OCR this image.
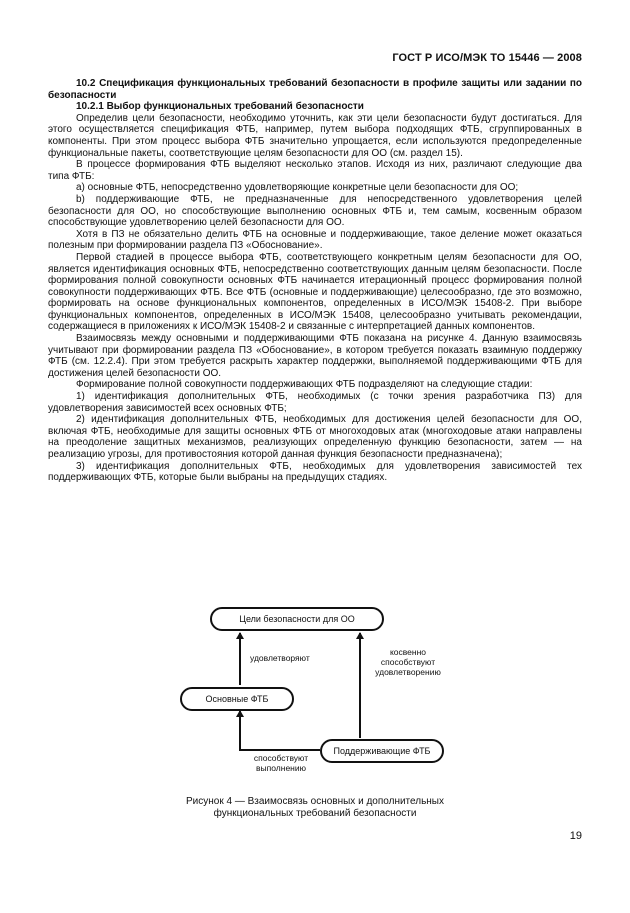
ГОСТ Р ИСО/МЭК ТО 15446 — 2008

10.2 Спецификация функциональных требований безопасности в профиле защиты или задании по безопасности

10.2.1 Выбор функциональных требований безопасности

Определив цели безопасности, необходимо уточнить, как эти цели безопасности будут достигаться. Для этого осуществляется спецификация ФТБ, например, путем выбора подходящих ФТБ, сгруппированных в компоненты. При этом процесс выбора ФТБ значительно упрощается, если используются предопределенные функциональные пакеты, соответствующие целям безопасности для ОО (см. раздел 15).

В процессе формирования ФТБ выделяют несколько этапов. Исходя из них, различают следующие два типа ФТБ:

а) основные ФТБ, непосредственно удовлетворяющие конкретные цели безопасности для ОО;

b) поддерживающие ФТБ, не предназначенные для непосредственного удовлетворения целей безопасности для ОО, но способствующие выполнению основных ФТБ и, тем самым, косвенным образом способствующие удовлетворению целей безопасности для ОО.

Хотя в ПЗ не обязательно делить ФТБ на основные и поддерживающие, такое деление может оказаться полезным при формировании раздела ПЗ «Обоснование».

Первой стадией в процессе выбора ФТБ, соответствующего конкретным целям безопасности для ОО, является идентификация основных ФТБ, непосредственно соответствующих данным целям безопасности. После формирования полной совокупности основных ФТБ начинается итерационный процесс формирования полной совокупности поддерживающих ФТБ. Все ФТБ (основные и поддерживающие) целесообразно, где это возможно, формировать на основе функциональных компонентов, определенных в ИСО/МЭК 15408-2. При выборе функциональных компонентов, определенных в ИСО/МЭК 15408, целесообразно учитывать рекомендации, содержащиеся в приложениях к ИСО/МЭК 15408-2 и связанные с интерпретацией данных компонентов.

Взаимосвязь между основными и поддерживающими ФТБ показана на рисунке 4. Данную взаимосвязь учитывают при формировании раздела ПЗ «Обоснование», в котором требуется показать взаимную поддержку ФТБ (см. 12.2.4). При этом требуется раскрыть характер поддержки, выполняемой поддерживающими ФТБ для достижения целей безопасности ОО.

Формирование полной совокупности поддерживающих ФТБ подразделяют на следующие стадии:

1) идентификация дополнительных ФТБ, необходимых (с точки зрения разработчика ПЗ) для удовлетворения зависимостей всех основных ФТБ;

2) идентификация дополнительных ФТБ, необходимых для достижения целей безопасности для ОО, включая ФТБ, необходимые для защиты основных ФТБ от многоходовых атак (многоходовые атаки направлены на преодоление защитных механизмов, реализующих определенную функцию безопасности, затем — на реализацию угрозы, для противостояния которой данная функция безопасности предназначена);

3) идентификация дополнительных ФТБ, необходимых для удовлетворения зависимостей тех поддерживающих ФТБ, которые были выбраны на предыдущих стадиях.

Цели безопасности для ОО
Основные ФТБ
Поддерживающие ФТБ
удовлетворяют
косвенно
способствуют
удовлетворению
способствуют
выполнению
Рисунок 4 — Взаимосвязь основных и дополнительных
функциональных требований безопасности
19
